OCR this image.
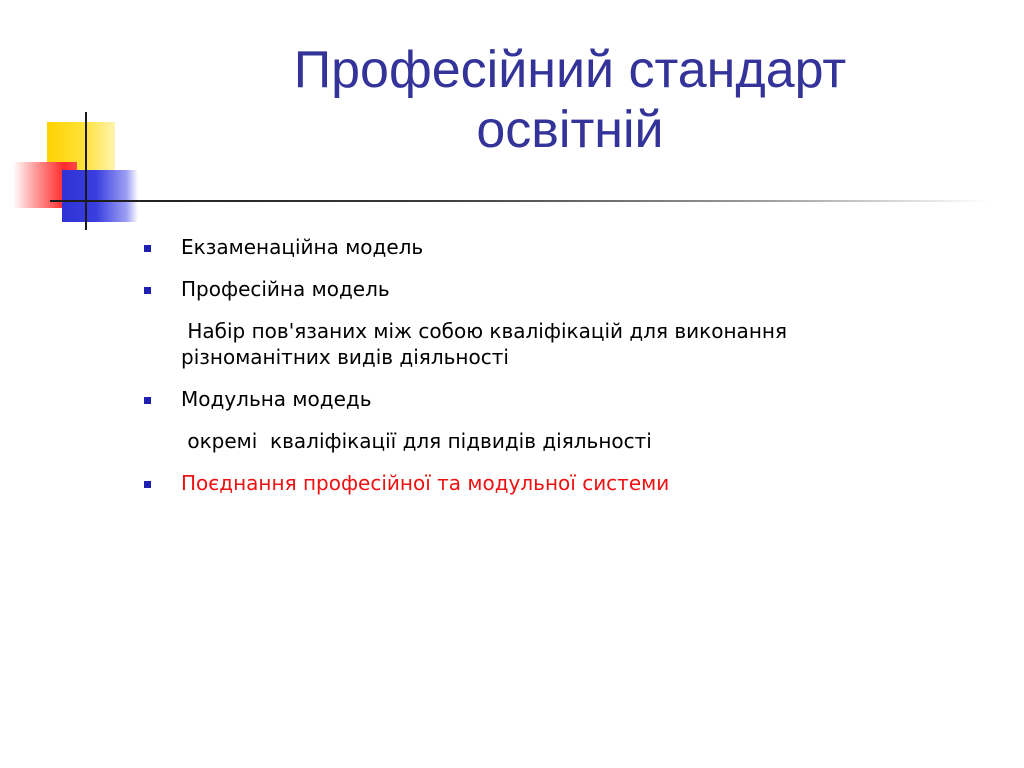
Професійний стандарт
освітній
Екзаменаційна модель
Професійна модель
Набір пов'язаних між собою кваліфікацій для виконання різноманітних видів діяльності
Модульна модедь
окремі  кваліфікації для підвидів діяльності
Поєднання професійної та модульної системи
